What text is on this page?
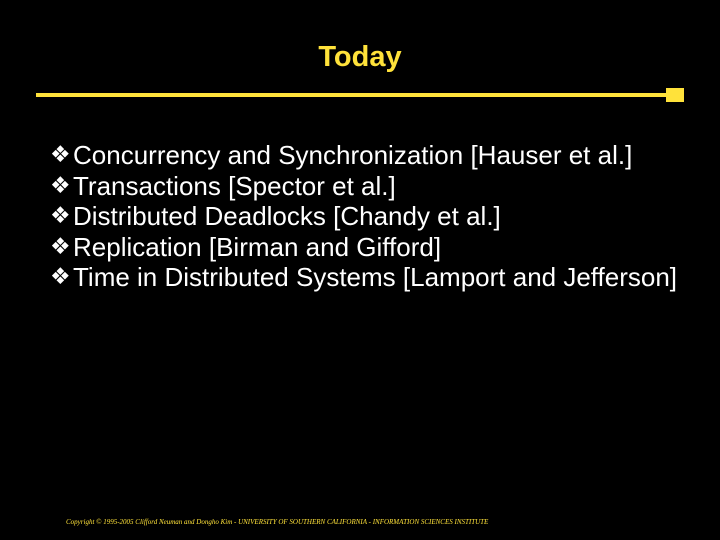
Today
❖ Concurrency and Synchronization [Hauser et al.]
❖ Transactions [Spector et al.]
❖ Distributed Deadlocks [Chandy et al.]
❖ Replication [Birman and Gifford]
❖ Time in Distributed Systems [Lamport and Jefferson]
Copyright © 1995-2005 Clifford Neuman and Dongho Kim - UNIVERSITY OF SOUTHERN CALIFORNIA - INFORMATION SCIENCES INSTITUTE
